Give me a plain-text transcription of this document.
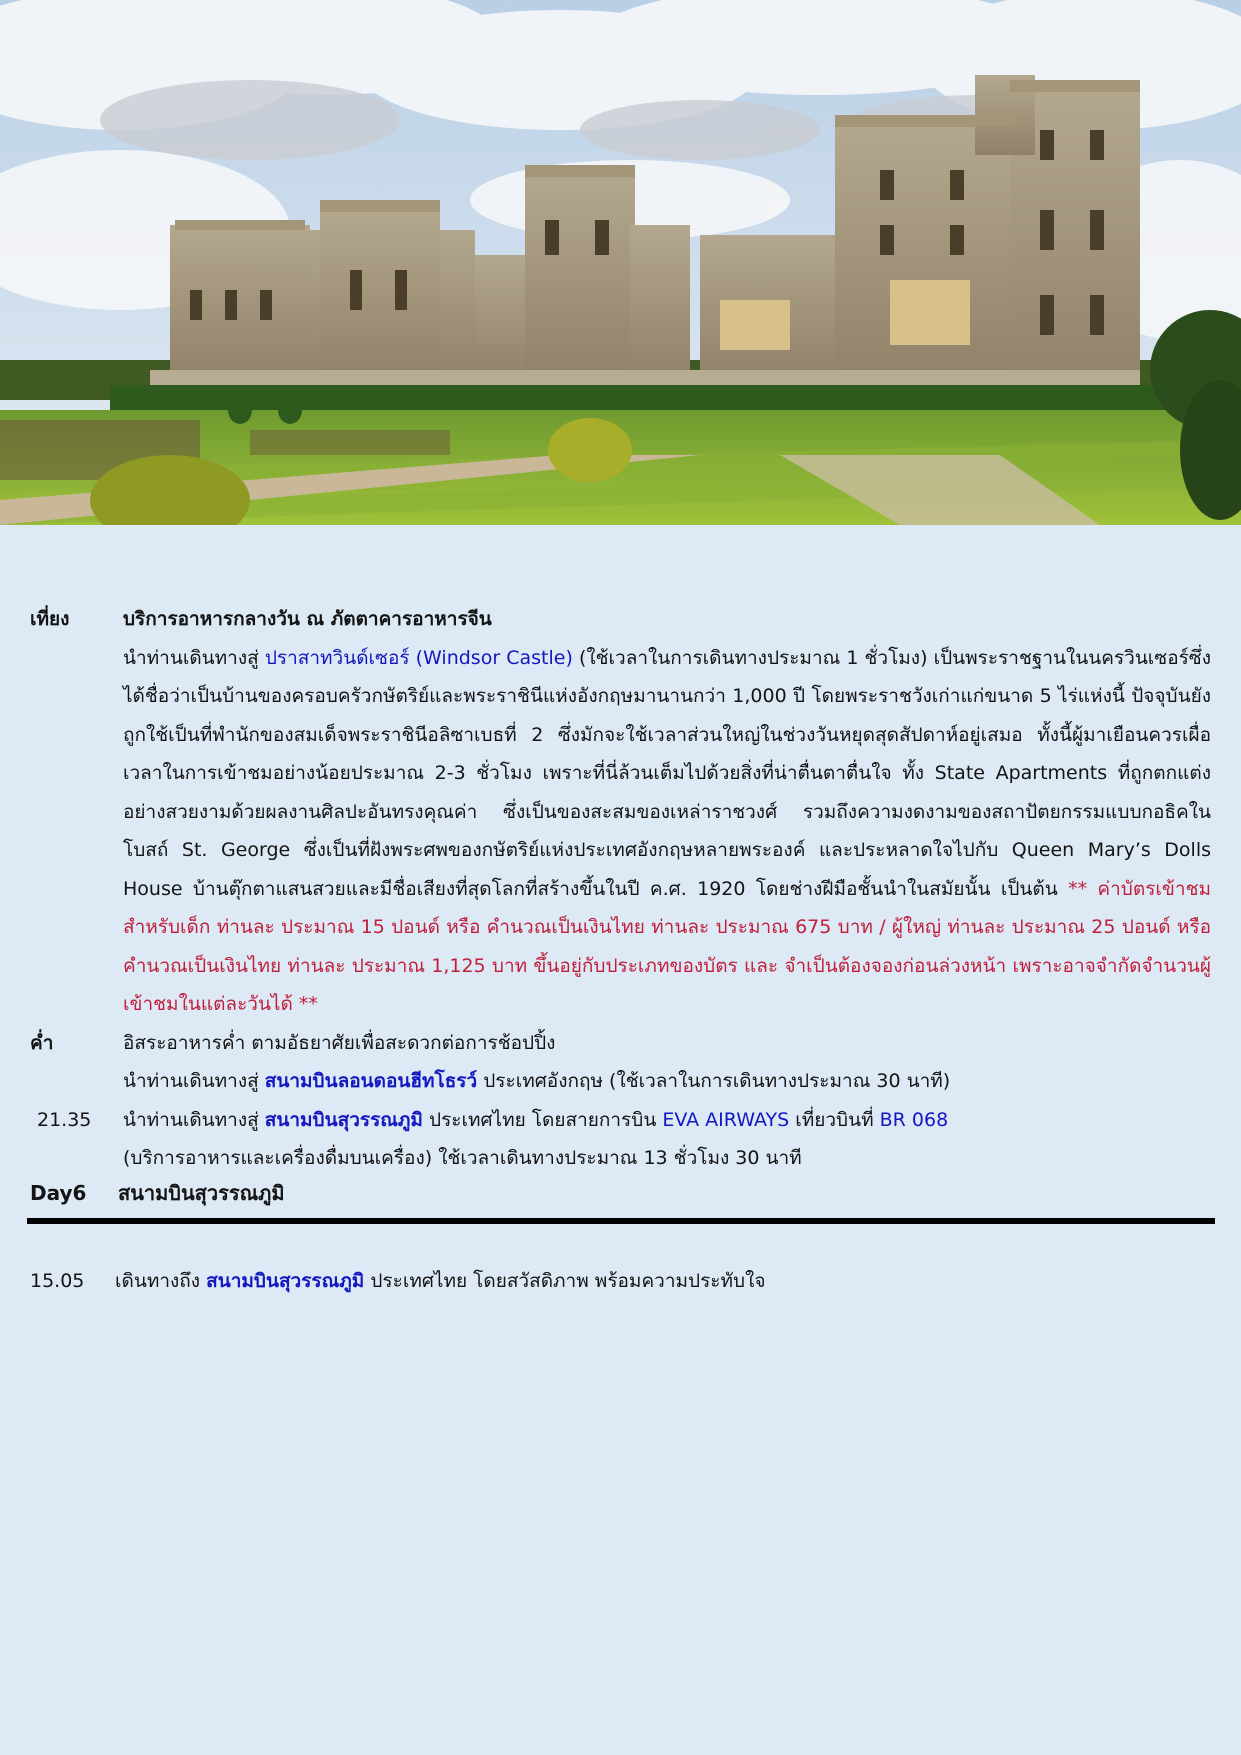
เที่ยง	บริการอาหารกลางวัน ณ ภัตตาคารอาหารจีน

นำท่านเดินทางสู่ ปราสาทวินด์เซอร์ (Windsor Castle) (ใช้เวลาในการเดินทางประมาณ 1 ชั่วโมง) เป็นพระราชฐานในนครวินเซอร์ซึ่งได้ชื่อว่าเป็นบ้านของครอบครัวกษัตริย์และพระราชินีแห่งอังกฤษมานานกว่า 1,000 ปี โดยพระราชวังเก่าแก่ขนาด 5 ไร่แห่งนี้ ปัจจุบันยังถูกใช้เป็นที่พำนักของสมเด็จพระราชินีอลิซาเบธที่ 2 ซึ่งมักจะใช้เวลาส่วนใหญ่ในช่วงวันหยุดสุดสัปดาห์อยู่เสมอ ทั้งนี้ผู้มาเยือนควรเผื่อเวลาในการเข้าชมอย่างน้อยประมาณ 2-3 ชั่วโมง เพราะที่นี่ล้วนเต็มไปด้วยสิ่งที่น่าตื่นตาตื่นใจ ทั้ง State Apartments ที่ถูกตกแต่งอย่างสวยงามด้วยผลงานศิลปะอันทรงคุณค่า ซึ่งเป็นของสะสมของเหล่าราชวงศ์ รวมถึงความงดงามของสถาปัตยกรรมแบบกอธิคในโบสถ์ St. George ซึ่งเป็นที่ฝังพระศพของกษัตริย์แห่งประเทศอังกฤษหลายพระองค์ และประหลาดใจไปกับ Queen Mary’s Dolls House บ้านตุ๊กตาแสนสวยและมีชื่อเสียงที่สุดโลกที่สร้างขึ้นในปี ค.ศ. 1920 โดยช่างฝีมือชั้นนำในสมัยนั้น เป็นต้น ** ค่าบัตรเข้าชมสำหรับเด็ก ท่านละ ประมาณ 15 ปอนด์ หรือ คำนวณเป็นเงินไทย ท่านละ ประมาณ 675 บาท / ผู้ใหญ่ ท่านละ ประมาณ 25 ปอนด์ หรือ คำนวณเป็นเงินไทย ท่านละ ประมาณ 1,125 บาท ขึ้นอยู่กับประเภทของบัตร และ จำเป็นต้องจองก่อนล่วงหน้า เพราะอาจจำกัดจำนวนผู้เข้าชมในแต่ละวันได้ **

ค่ำ	อิสระอาหารค่ำ ตามอัธยาศัยเพื่อสะดวกต่อการช้อปปิ้ง

นำท่านเดินทางสู่ สนามบินลอนดอนฮีทโธรว์ ประเทศอังกฤษ (ใช้เวลาในการเดินทางประมาณ 30 นาที)

21.35 นำท่านเดินทางสู่ สนามบินสุวรรณภูมิ ประเทศไทย โดยสายการบิน EVA AIRWAYS เที่ยวบินที่ BR 068

(บริการอาหารและเครื่องดื่มบนเครื่อง) ใช้เวลาเดินทางประมาณ 13 ชั่วโมง 30 นาที

Day6 สนามบินสุวรรณภูมิ
15.05 เดินทางถึง สนามบินสุวรรณภูมิ ประเทศไทย โดยสวัสดิภาพ พร้อมความประทับใจ
